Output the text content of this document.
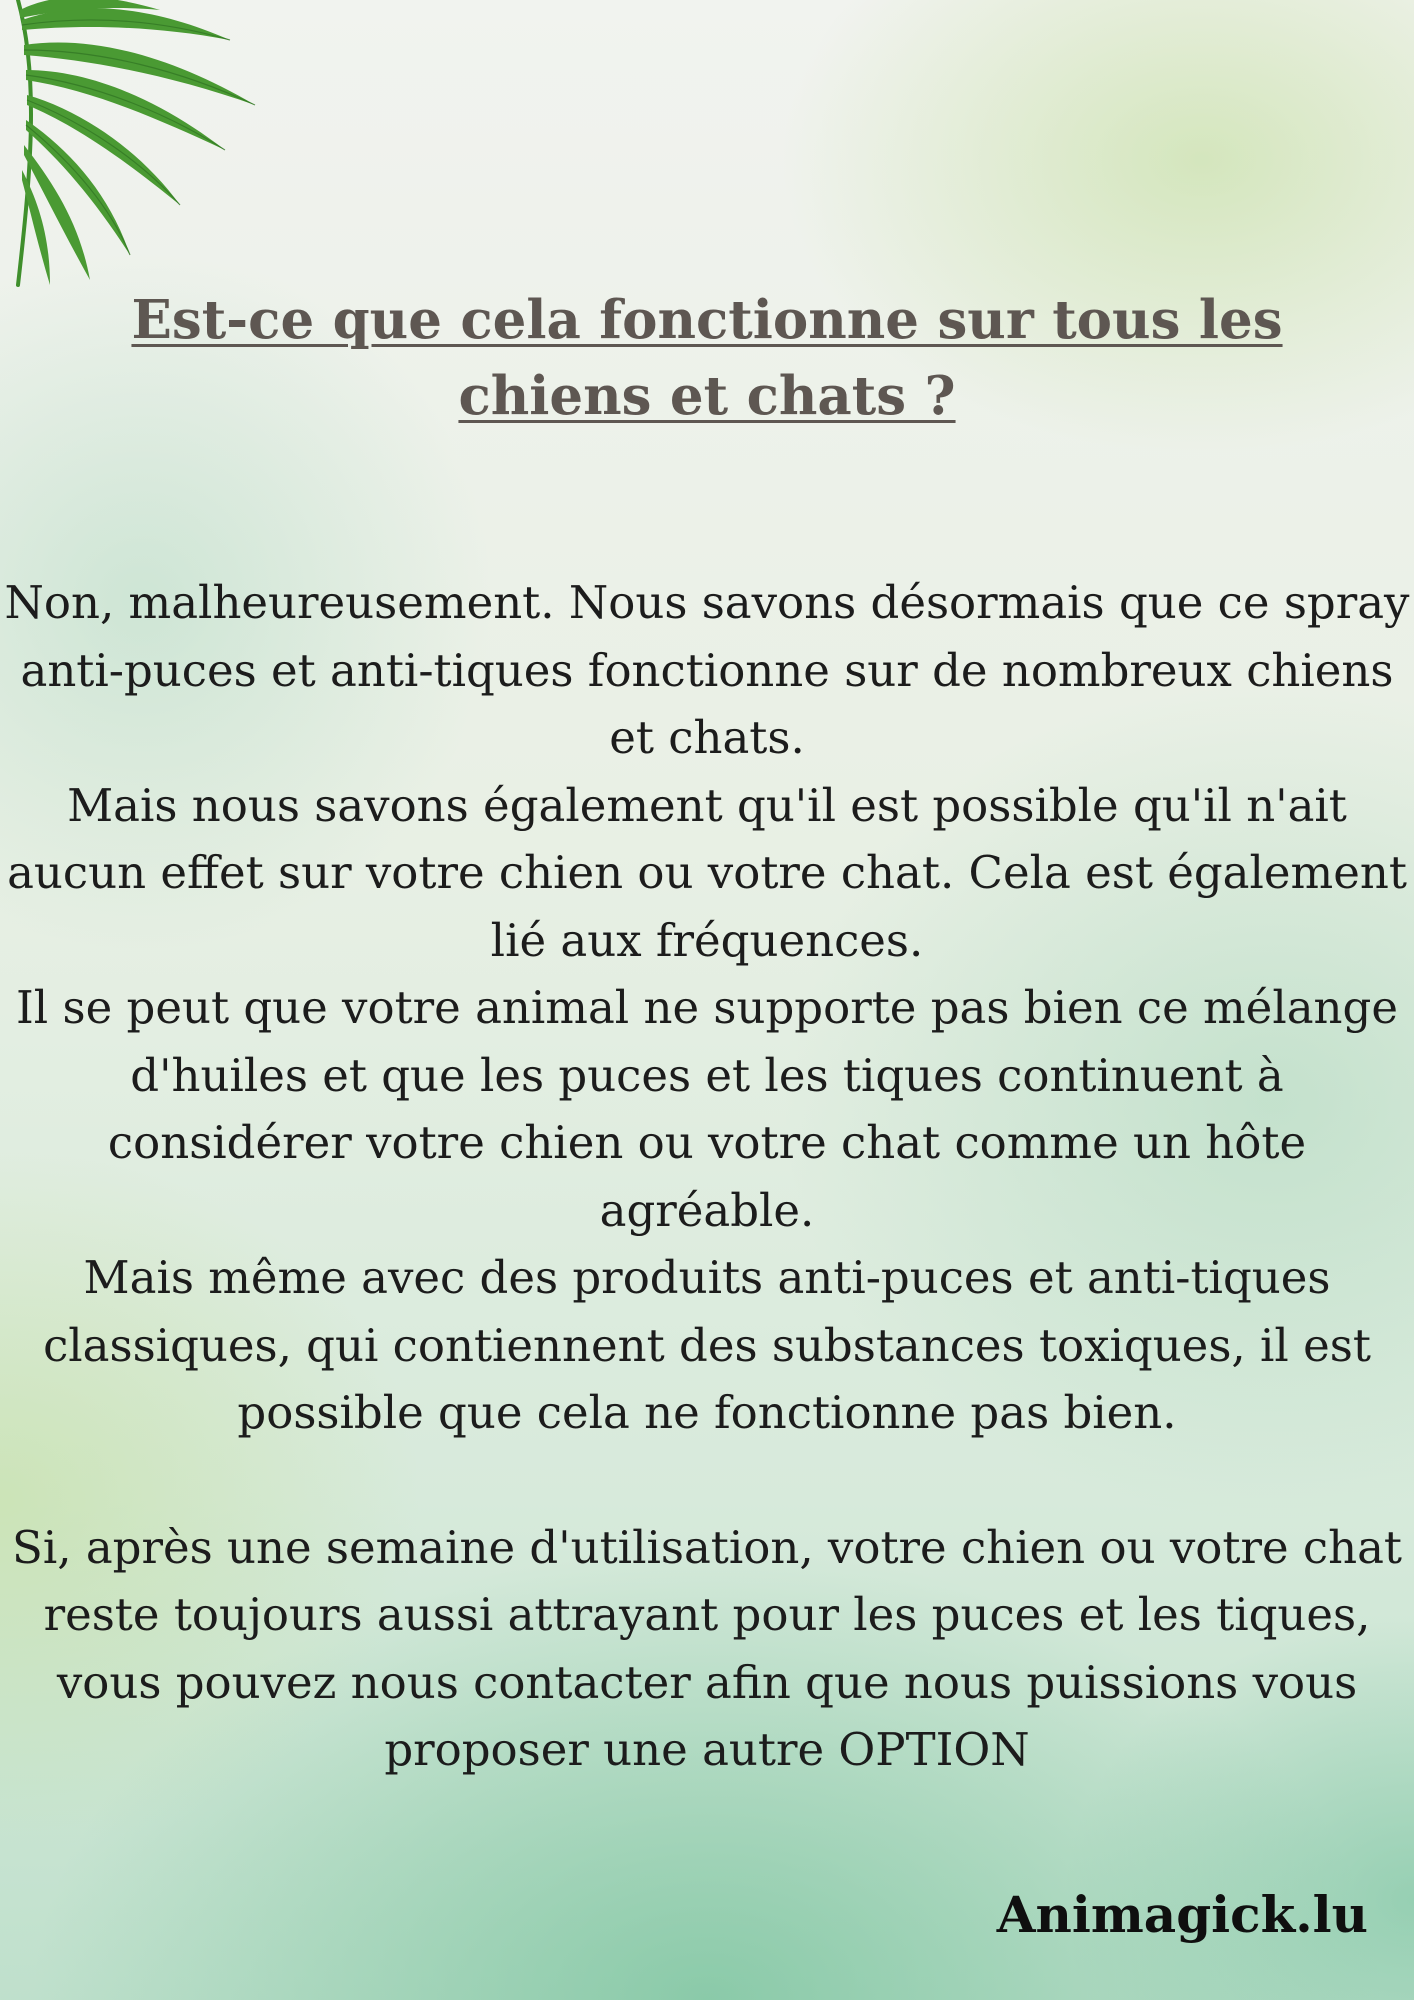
Est-ce que cela fonctionne sur tous les chiens et chats ?

Non, malheureusement. Nous savons désormais que ce spray anti-puces et anti-tiques fonctionne sur de nombreux chiens et chats.

Mais nous savons également qu'il est possible qu'il n'ait aucun effet sur votre chien ou votre chat. Cela est également lié aux fréquences.

Il se peut que votre animal ne supporte pas bien ce mélange d'huiles et que les puces et les tiques continuent à considérer votre chien ou votre chat comme un hôte agréable.

Mais même avec des produits anti-puces et anti-tiques classiques, qui contiennent des substances toxiques, il est possible que cela ne fonctionne pas bien.

Si, après une semaine d'utilisation, votre chien ou votre chat reste toujours aussi attrayant pour les puces et les tiques, vous pouvez nous contacter afin que nous puissions vous proposer une autre OPTION

Animagick.lu
